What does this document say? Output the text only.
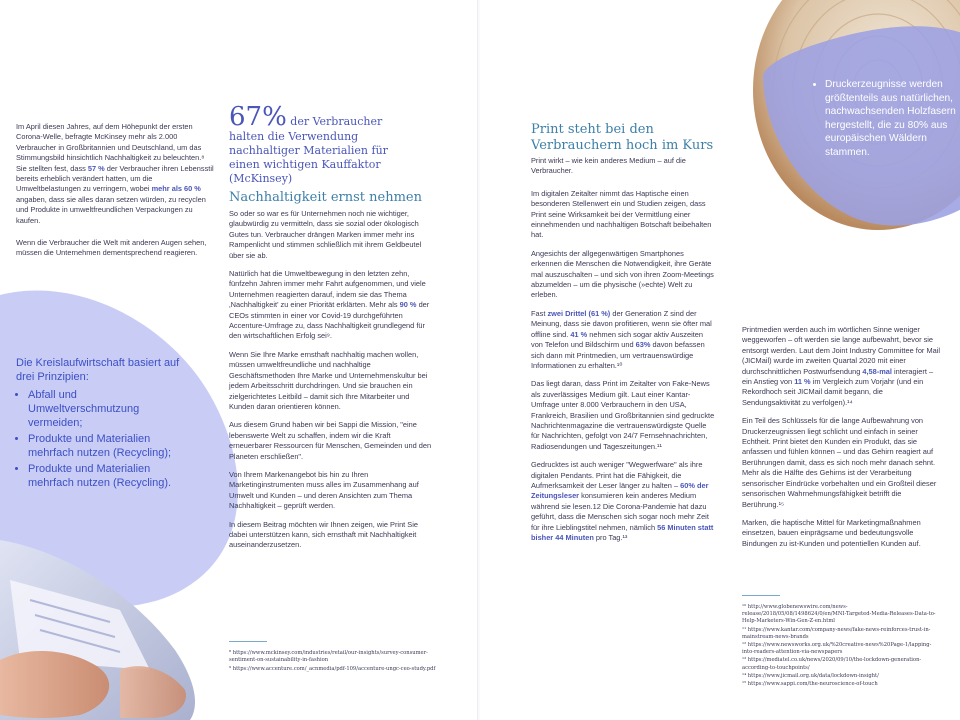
Im April diesen Jahres, auf dem Höhepunkt der ersten Corona-Welle, befragte McKinsey mehr als 2.000 Verbraucher in Großbritannien und Deutschland, um das Stimmungsbild hinsichtlich Nachhaltigkeit zu beleuchten.⁸ Sie stellten fest, dass 57 % der Verbraucher ihren Lebensstil bereits erheblich verändert hatten, um die Umweltbelastungen zu verringern, wobei mehr als 60 % angaben, dass sie alles daran setzen würden, zu recyclen und Produkte in umweltfreundlichen Verpackungen zu kaufen.

Wenn die Verbraucher die Welt mit anderen Augen sehen, müssen die Unternehmen dementsprechend reagieren.

Die Kreislaufwirtschaft basiert auf drei Prinzipien:
• Abfall und Umweltverschmutzung vermeiden;
• Produkte und Materialien mehrfach nutzen (Recycling);
• Produkte und Materialien mehrfach nutzen (Recycling).
67% der Verbraucher halten die Verwendung nachhaltiger Materialien für einen wichtigen Kauffaktor (McKinsey)
Nachhaltigkeit ernst nehmen

So oder so war es für Unternehmen noch nie wichtiger, glaubwürdig zu vermitteln, dass sie sozial oder ökologisch Gutes tun. Verbraucher drängen Marken immer mehr ins Rampenlicht und stimmen schließlich mit ihrem Geldbeutel über sie ab.

Natürlich hat die Umweltbewegung in den letzten zehn, fünfzehn Jahren immer mehr Fahrt aufgenommen, und viele Unternehmen reagierten darauf, indem sie das Thema ‚Nachhaltigkeit' zu einer Priorität erklärten. Mehr als 90 % der CEOs stimmten in einer vor Covid-19 durchgeführten Accenture-Umfrage zu, dass Nachhaltigkeit grundlegend für den wirtschaftlichen Erfolg sei⁹.

Wenn Sie Ihre Marke ernsthaft nachhaltig machen wollen, müssen umweltfreundliche und nachhaltige Geschäftsmethoden Ihre Marke und Unternehmenskultur bei jedem Arbeitsschritt durchdringen. Und sie brauchen ein zielgerichtetes Leitbild – damit sich Ihre Mitarbeiter und Kunden daran orientieren können.

Aus diesem Grund haben wir bei Sappi die Mission, "eine lebenswerte Welt zu schaffen, indem wir die Kraft erneuerbarer Ressourcen für Menschen, Gemeinden und den Planeten erschließen".

Von Ihrem Markenangebot bis hin zu Ihren Marketinginstrumenten muss alles im Zusammenhang auf Umwelt und Kunden – und deren Ansichten zum Thema Nachhaltigkeit – geprüft werden.

In diesem Beitrag möchten wir Ihnen zeigen, wie Print Sie dabei unterstützen kann, sich ernsthaft mit Nachhaltigkeit auseinanderzusetzen.

⁸ https://www.mckinsey.com/industries/retail/our-insights/survey-consumer-sentiment-on-sustainability-in-fashion
⁹ https://www.accenture.com/_acnmedia/pdf-109/accenture-ungc-ceo-study.pdf
• Druckerzeugnisse werden größtenteils aus natürlichen, nachwachsenden Holzfasern hergestellt, die zu 80% aus europäischen Wäldern stammen.
Print steht bei den Verbrauchern hoch im Kurs

Print wirkt – wie kein anderes Medium – auf die Verbraucher.

Im digitalen Zeitalter nimmt das Haptische einen besonderen Stellenwert ein und Studien zeigen, dass Print seine Wirksamkeit bei der Vermittlung einer einnehmenden und nachhaltigen Botschaft beibehalten hat.

Angesichts der allgegenwärtigen Smartphones erkennen die Menschen die Notwendigkeit, ihre Geräte mal auszuschalten – und sich von ihren Zoom-Meetings abzumelden – um die physische (»echte) Welt zu erleben.

Fast zwei Drittel (61 %) der Generation Z sind der Meinung, dass sie davon profitieren, wenn sie öfter mal offline sind. 41 % nehmen sich sogar aktiv Auszeiten von Telefon und Bildschirm und 63% davon befassen sich dann mit Printmedien, um vertrauenswürdige Informationen zu erhalten.¹⁰

Das liegt daran, dass Print im Zeitalter von Fake-News als zuverlässiges Medium gilt. Laut einer Kantar-Umfrage unter 8.000 Verbrauchern in den USA, Frankreich, Brasilien und Großbritannien sind gedruckte Nachrichtenmagazine die vertrauenswürdigste Quelle für Nachrichten, gefolgt von 24/7 Fernsehnachrichten, Radiosendungen und Tageszeitungen.¹¹

Gedrucktes ist auch weniger "Wegwerfware" als ihre digitalen Pendants. Print hat die Fähigkeit, die Aufmerksamkeit der Leser länger zu halten – 60% der Zeitungsleser konsumieren kein anderes Medium während sie lesen.12 Die Corona-Pandemie hat dazu geführt, dass die Menschen sich sogar noch mehr Zeit für ihre Lieblingstitel nehmen, nämlich 56 Minuten statt bisher 44 Minuten pro Tag.¹³

Printmedien werden auch im wörtlichen Sinne weniger weggeworfen – oft werden sie lange aufbewahrt, bevor sie entsorgt werden. Laut dem Joint Industry Committee for Mail (JICMail) wurde im zweiten Quartal 2020 mit einer durchschnittlichen Postwurfsendung 4,58-mal interagiert – ein Anstieg von 11 % im Vergleich zum Vorjahr (und ein Rekordhoch seit JICMail damit begann, die Sendungsaktivität zu verfolgen).¹⁴

Ein Teil des Schlüssels für die lange Aufbewahrung von Druckerzeugnissen liegt schlicht und einfach in seiner Echtheit. Print bietet den Kunden ein Produkt, das sie anfassen und fühlen können – und das Gehirn reagiert auf Berührungen damit, dass es sich noch mehr danach sehnt. Mehr als die Hälfte des Gehirns ist der Verarbeitung sensorischer Eindrücke vorbehalten und ein Großteil dieser sensorischen Wahrnehmungsfähigkeit betrifft die Berührung.¹⁵

Marken, die haptische Mittel für Marketingmaßnahmen einsetzen, bauen einprägsame und bedeutungsvolle Bindungen zu ist-Kunden und potentiellen Kunden auf.

¹⁰ http://www.globenewswire.com/news-release/2018/05/08/1498624/0/en/MNI-Targeted-Media-Releases-Data-to-Help-Marketers-Win-Gen-Z-en.html
¹¹ https://www.kantar.com/company-news/fake-news-reinforces-trust-in-mainstream-news-brands
¹² https://www.newsworks.org.uk/%20creative-news%20Page-1/lapping-into-readers-attention-via-newspapers
¹³ https://mediatel.co.uk/news/2020/09/10/the-lockdown-generation-according-to-touchpoints/
¹⁴ https://www.jicmail.org.uk/data/lockdown-insight/
¹⁵ https://www.sappi.com/the-neuroscience-of-touch
